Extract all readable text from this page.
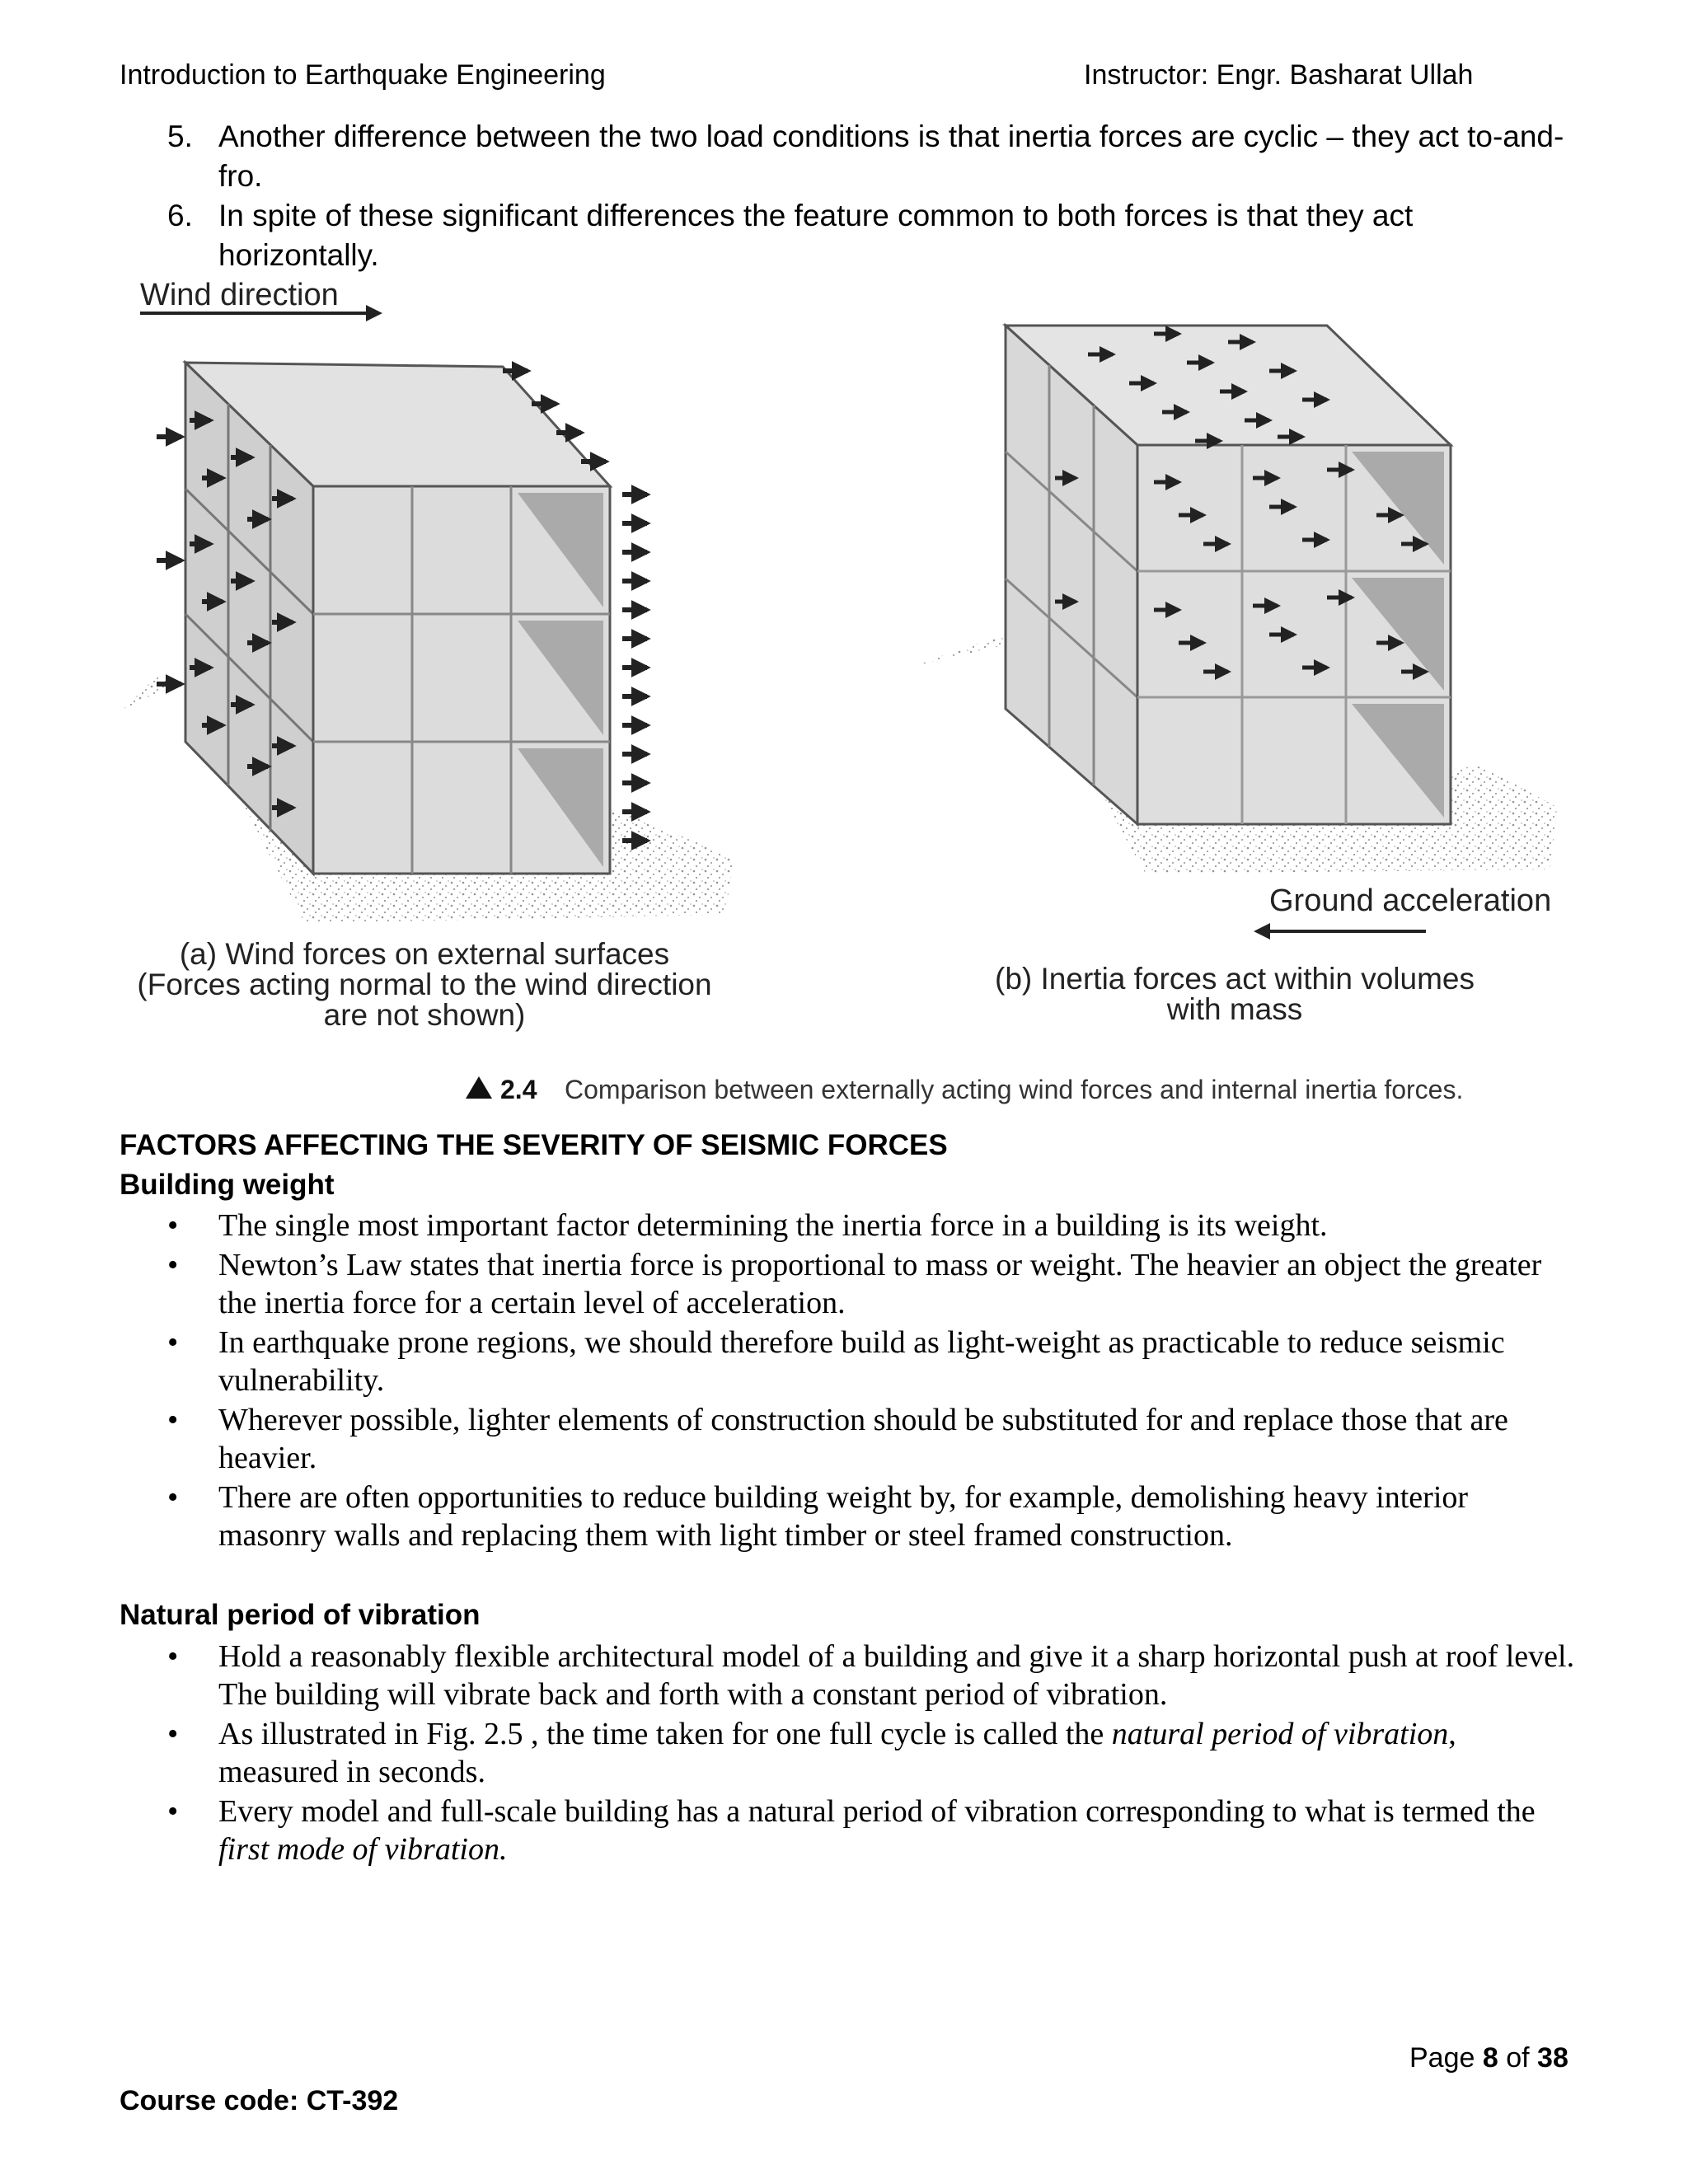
Introduction to Earthquake Engineering	Instructor: Engr. Basharat Ullah
5. Another difference between the two load conditions is that inertia forces are cyclic – they act to-and-fro.
6. In spite of these significant differences the feature common to both forces is that they act horizontally.
Wind direction
Ground acceleration
(a) Wind forces on external surfaces
(Forces acting normal to the wind direction
are not shown)
(b) Inertia forces act within volumes
with mass
2.4 Comparison between externally acting wind forces and internal inertia forces.
FACTORS AFFECTING THE SEVERITY OF SEISMIC FORCES
Building weight
• The single most important factor determining the inertia force in a building is its weight.
• Newton’s Law states that inertia force is proportional to mass or weight. The heavier an object the greater the inertia force for a certain level of acceleration.
• In earthquake prone regions, we should therefore build as light-weight as practicable to reduce seismic vulnerability.
• Wherever possible, lighter elements of construction should be substituted for and replace those that are heavier.
• There are often opportunities to reduce building weight by, for example, demolishing heavy interior masonry walls and replacing them with light timber or steel framed construction.
Natural period of vibration
• Hold a reasonably flexible architectural model of a building and give it a sharp horizontal push at roof level. The building will vibrate back and forth with a constant period of vibration.
• As illustrated in Fig. 2.5 , the time taken for one full cycle is called the natural period of vibration, measured in seconds.
• Every model and full-scale building has a natural period of vibration corresponding to what is termed the first mode of vibration.
Page 8 of 38
Course code: CT-392
